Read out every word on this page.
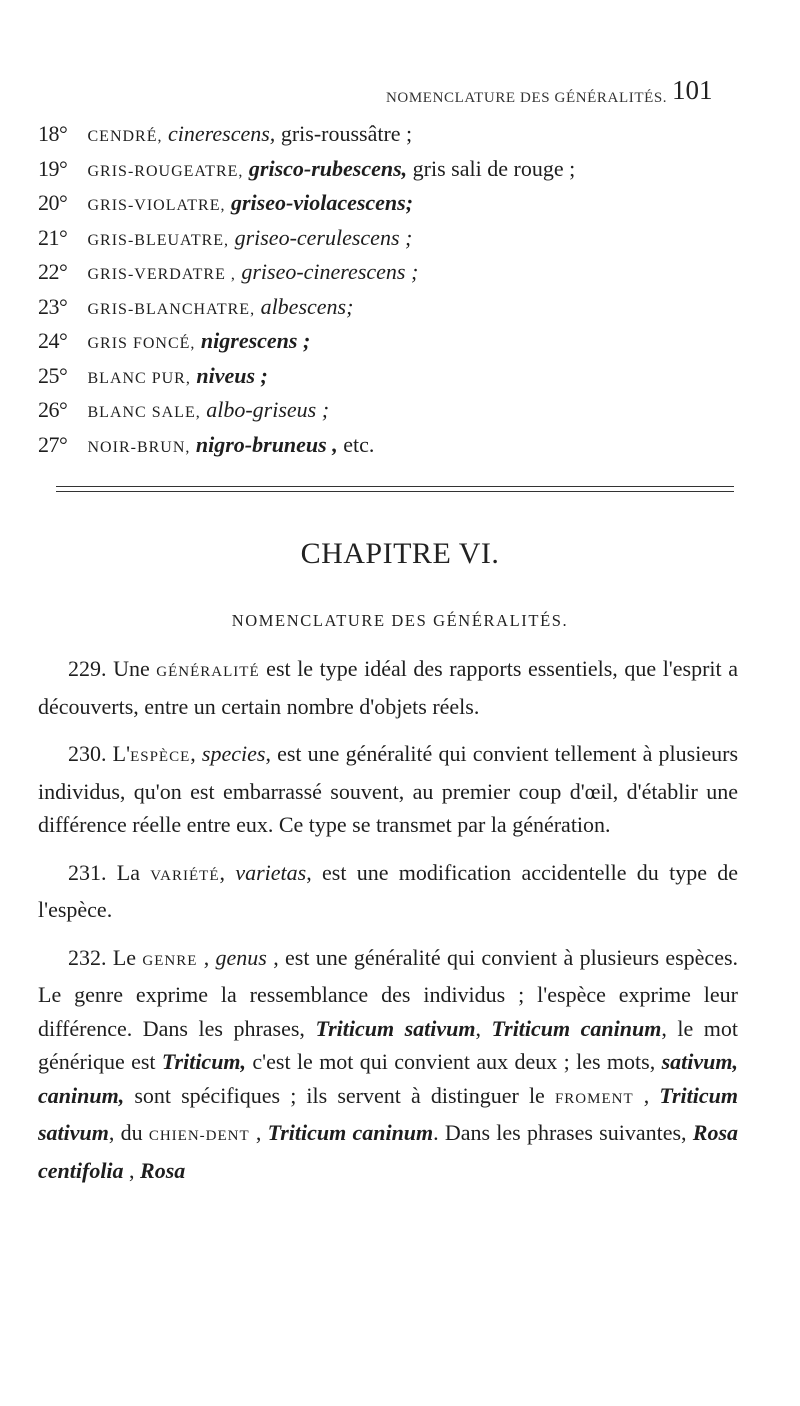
NOMENCLATURE DES GÉNÉRALITÉS. 101
18° CENDRÉ, cinerescens, gris-roussâtre ;
19° GRIS-ROUGEATRE, grisco-rubescens, gris sali de rouge ;
20° GRIS-VIOLATRE, griseo-violacescens;
21° GRIS-BLEUATRE, griseo-cerulescens ;
22° GRIS-VERDATRE , griseo-cinerescens ;
23° GRIS-BLANCHATRE, albescens;
24° GRIS FONCÉ, nigrescens ;
25° BLANC PUR, niveus ;
26° BLANC SALE, albo-griseus ;
27° NOIR-BRUN, nigro-bruneus , etc.
CHAPITRE VI.
NOMENCLATURE DES GÉNÉRALITÉS.

229. Une GÉNÉRALITÉ est le type idéal des rapports essentiels, que l'esprit a découverts, entre un certain nombre d'objets réels.

230. L'ESPÈCE, species, est une généralité qui convient tellement à plusieurs individus, qu'on est embarrassé souvent, au premier coup d'œil, d'établir une différence réelle entre eux. Ce type se transmet par la génération.

231. La VARIÉTÉ, varietas, est une modification accidentelle du type de l'espèce.

232. Le GENRE , genus , est une généralité qui convient à plusieurs espèces. Le genre exprime la ressemblance des individus ; l'espèce exprime leur différence. Dans les phrases, Triticum sativum, Triticum caninum, le mot générique est Triticum, c'est le mot qui convient aux deux ; les mots, sativum, caninum, sont spécifiques ; ils servent à distinguer le FROMENT , Triticum sativum, du CHIEN-DENT , Triticum caninum. Dans les phrases suivantes, Rosa centifolia , Rosa
